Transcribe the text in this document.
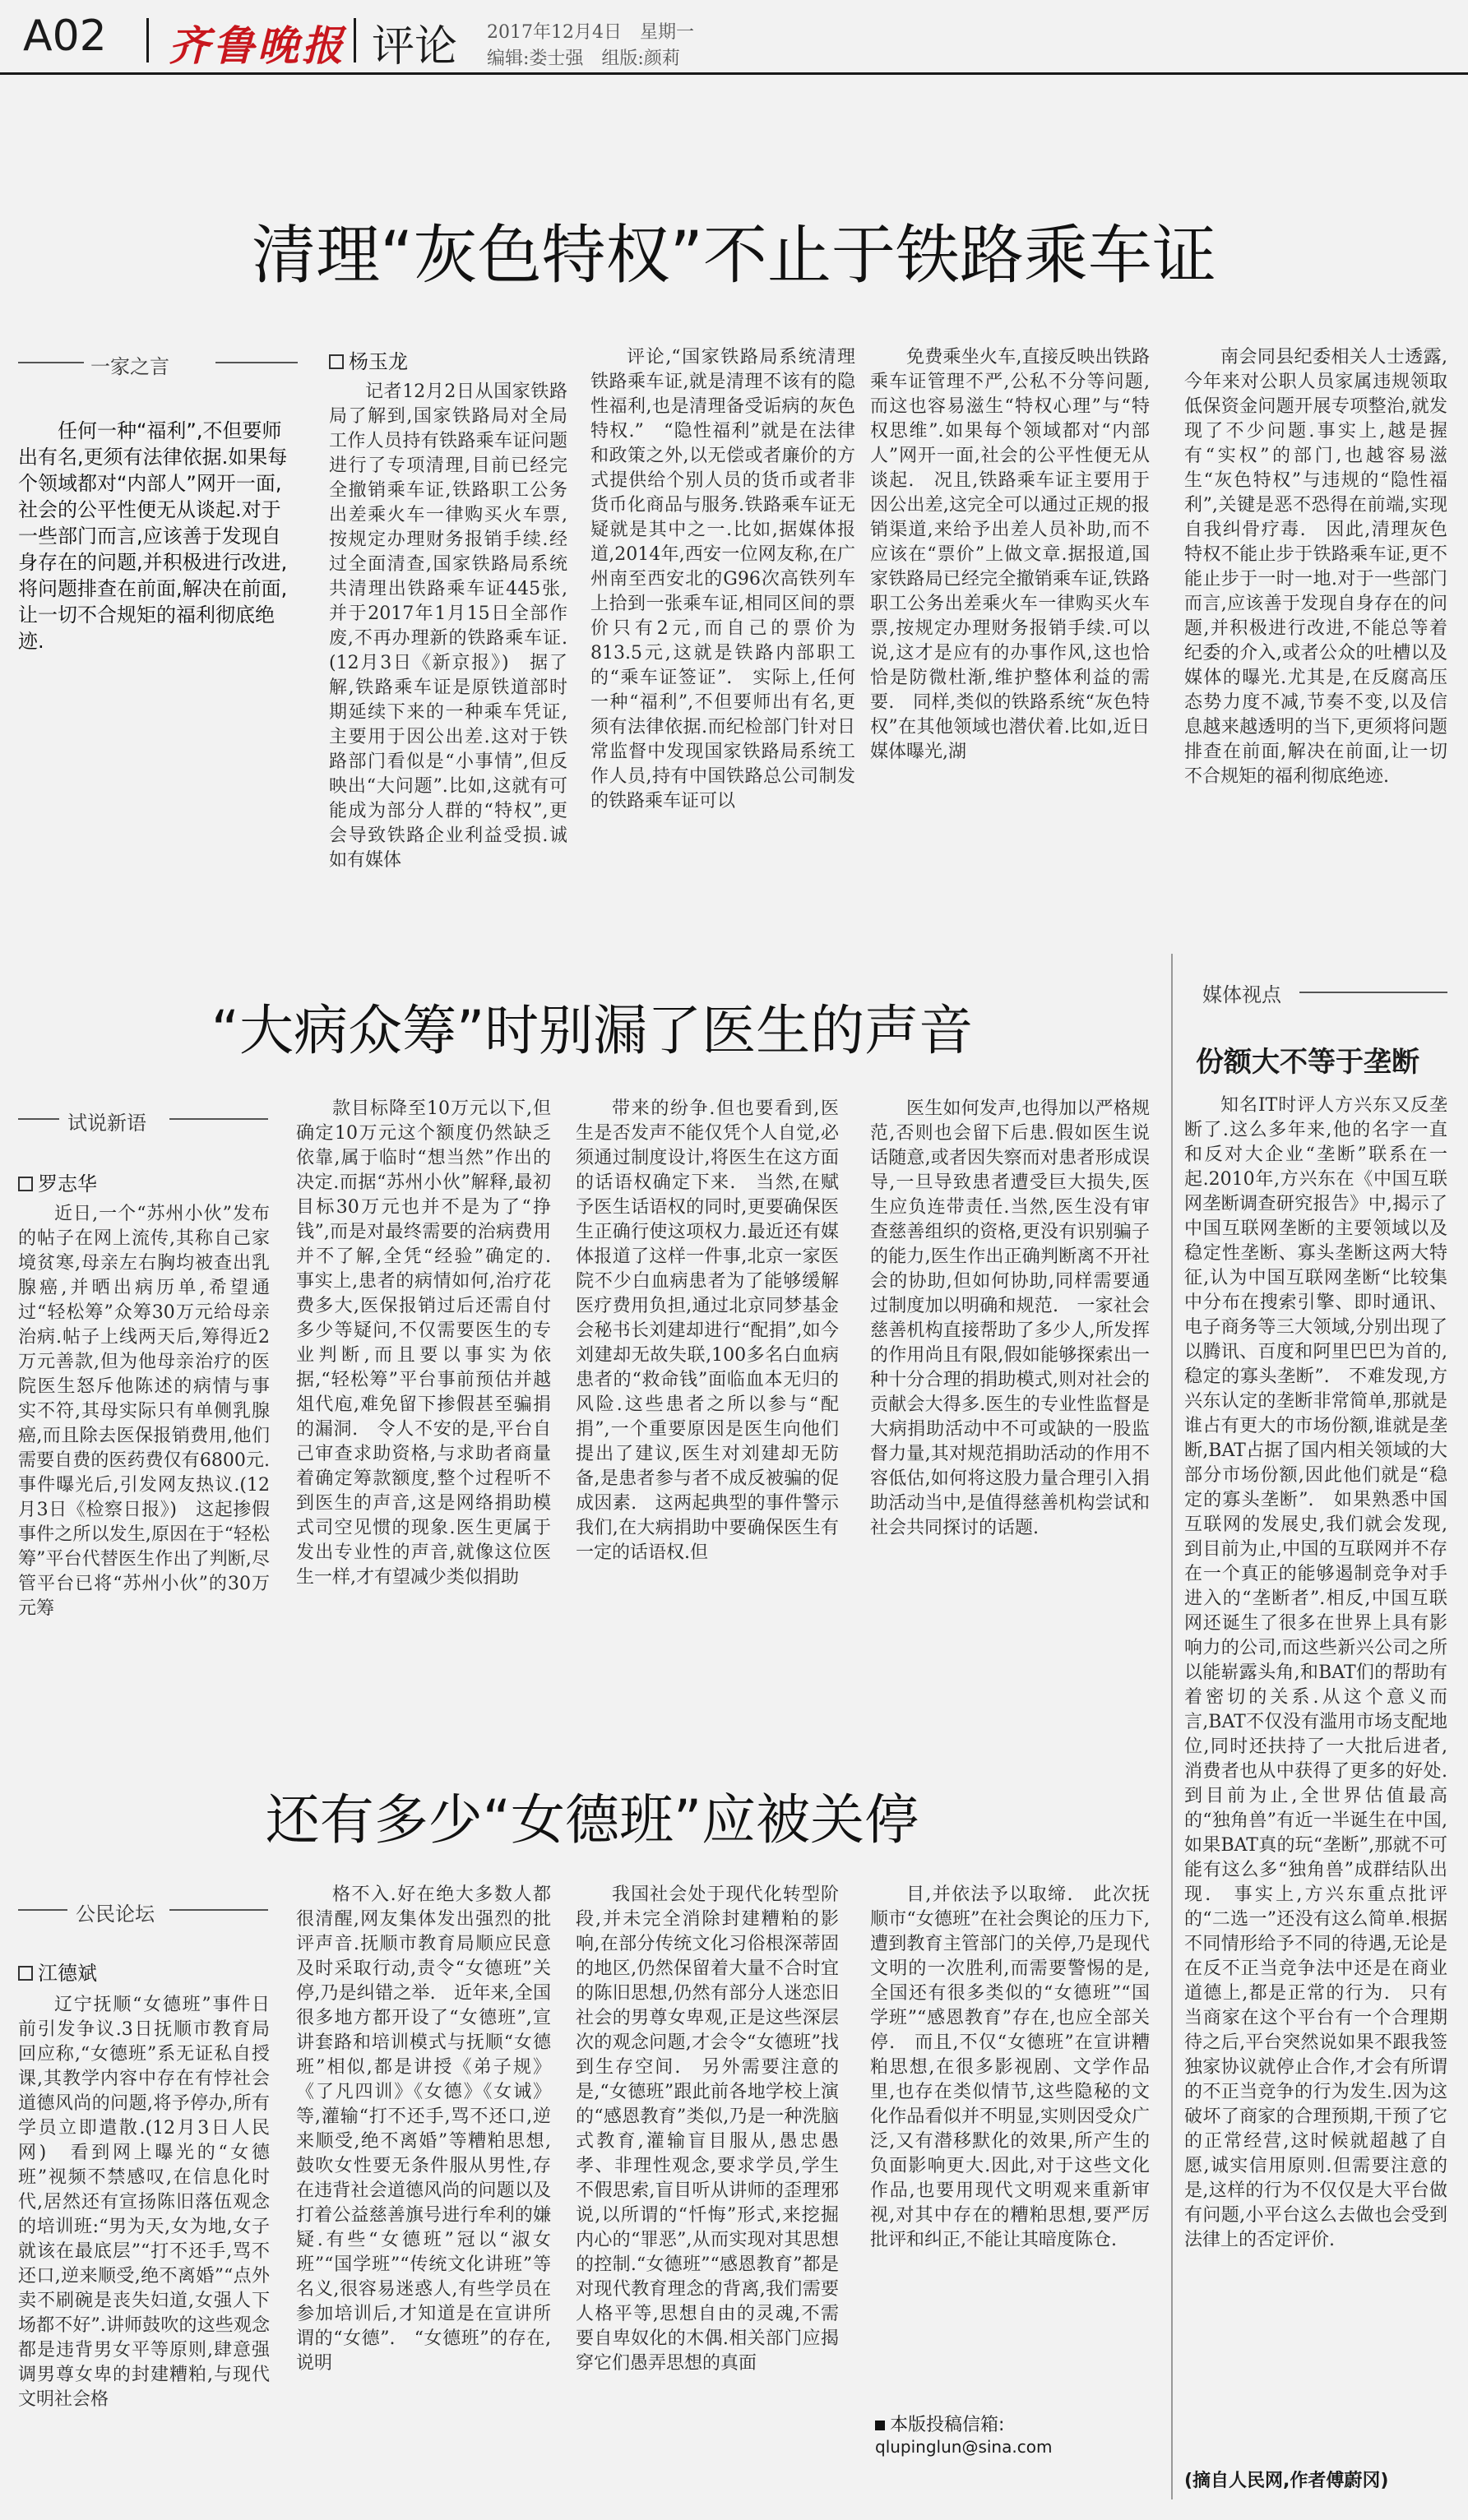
A02 齐鲁晚报 评论 2017年12月4日　星期一
编辑:娄士强　组版:颜莉
清理“灰色特权”不止于铁路乘车证
一家之言
任何一种“福利”,不但要师出有名,更须有法律依据.如果每个领域都对“内部人”网开一面,社会的公平性便无从谈起.对于一些部门而言,应该善于发现自身存在的问题,并积极进行改进,将问题排查在前面,解决在前面,让一切不合规矩的福利彻底绝迹.
杨玉龙
记者12月2日从国家铁路局了解到,国家铁路局对全局工作人员持有铁路乘车证问题进行了专项清理,目前已经完全撤销乘车证,铁路职工公务出差乘火车一律购买火车票,按规定办理财务报销手续.经过全面清查,国家铁路局系统共清理出铁路乘车证445张,并于2017年1月15日全部作废,不再办理新的铁路乘车证.(12月3日《新京报》)　据了解,铁路乘车证是原铁道部时期延续下来的一种乘车凭证,主要用于因公出差.这对于铁路部门看似是“小事情”,但反映出“大问题”.比如,这就有可能成为部分人群的“特权”,更会导致铁路企业利益受损.诚如有媒体
评论,“国家铁路局系统清理铁路乘车证,就是清理不该有的隐性福利,也是清理备受诟病的灰色特权.”　“隐性福利”就是在法律和政策之外,以无偿或者廉价的方式提供给个别人员的货币或者非货币化商品与服务.铁路乘车证无疑就是其中之一.比如,据媒体报道,2014年,西安一位网友称,在广州南至西安北的G96次高铁列车上拾到一张乘车证,相同区间的票价只有2元,而自己的票价为813.5元,这就是铁路内部职工的“乘车证签证”.　实际上,任何一种“福利”,不但要师出有名,更须有法律依据.而纪检部门针对日常监督中发现国家铁路局系统工作人员,持有中国铁路总公司制发的铁路乘车证可以
免费乘坐火车,直接反映出铁路乘车证管理不严,公私不分等问题,而这也容易滋生“特权心理”与“特权思维”.如果每个领域都对“内部人”网开一面,社会的公平性便无从谈起.　况且,铁路乘车证主要用于因公出差,这完全可以通过正规的报销渠道,来给予出差人员补助,而不应该在“票价”上做文章.据报道,国家铁路局已经完全撤销乘车证,铁路职工公务出差乘火车一律购买火车票,按规定办理财务报销手续.可以说,这才是应有的办事作风,这也恰恰是防微杜渐,维护整体利益的需要.　同样,类似的铁路系统“灰色特权”在其他领域也潜伏着.比如,近日媒体曝光,湖
南会同县纪委相关人士透露,今年来对公职人员家属违规领取低保资金问题开展专项整治,就发现了不少问题.事实上,越是握有“实权”的部门,也越容易滋生“灰色特权”与违规的“隐性福利”,关键是恶不恐得在前端,实现自我纠骨疗毒.　因此,清理灰色特权不能止步于铁路乘车证,更不能止步于一时一地.对于一些部门而言,应该善于发现自身存在的问题,并积极进行改进,不能总等着纪委的介入,或者公众的吐槽以及媒体的曝光.尤其是,在反腐高压态势力度不减,节奏不变,以及信息越来越透明的当下,更须将问题排查在前面,解决在前面,让一切不合规矩的福利彻底绝迹.
“大病众筹”时别漏了医生的声音
试说新语
罗志华
近日,一个“苏州小伙”发布的帖子在网上流传,其称自己家境贫寒,母亲左右胸均被查出乳腺癌,并晒出病历单,希望通过“轻松筹”众筹30万元给母亲治病.帖子上线两天后,筹得近2万元善款,但为他母亲治疗的医院医生怒斥他陈述的病情与事实不符,其母实际只有单侧乳腺癌,而且除去医保报销费用,他们需要自费的医药费仅有6800元.事件曝光后,引发网友热议.(12月3日《检察日报》)　这起掺假事件之所以发生,原因在于“轻松筹”平台代替医生作出了判断,尽管平台已将“苏州小伙”的30万元筹
款目标降至10万元以下,但确定10万元这个额度仍然缺乏依靠,属于临时“想当然”作出的决定.而据“苏州小伙”解释,最初目标30万元也并不是为了“挣钱”,而是对最终需要的治病费用并不了解,全凭“经验”确定的.　事实上,患者的病情如何,治疗花费多大,医保报销过后还需自付多少等疑问,不仅需要医生的专业判断,而且要以事实为依据,“轻松筹”平台事前预估并越俎代庖,难免留下掺假甚至骗捐的漏洞.　令人不安的是,平台自己审查求助资格,与求助者商量着确定筹款额度,整个过程听不到医生的声音,这是网络捐助模式司空见惯的现象.医生更属于发出专业性的声音,就像这位医生一样,才有望减少类似捐助
带来的纷争.但也要看到,医生是否发声不能仅凭个人自觉,必须通过制度设计,将医生在这方面的话语权确定下来.　当然,在赋予医生话语权的同时,更要确保医生正确行使这项权力.最近还有媒体报道了这样一件事,北京一家医院不少白血病患者为了能够缓解医疗费用负担,通过北京同梦基金会秘书长刘建却进行“配捐”,如今刘建却无故失联,100多名白血病患者的“救命钱”面临血本无归的风险.这些患者之所以参与“配捐”,一个重要原因是医生向他们提出了建议,医生对刘建却无防备,是患者参与者不成反被骗的促成因素.　这两起典型的事件警示我们,在大病捐助中要确保医生有一定的话语权.但
医生如何发声,也得加以严格规范,否则也会留下后患.假如医生说话随意,或者因失察而对患者形成误导,一旦导致患者遭受巨大损失,医生应负连带责任.当然,医生没有审查慈善组织的资格,更没有识别骗子的能力,医生作出正确判断离不开社会的协助,但如何协助,同样需要通过制度加以明确和规范.　一家社会慈善机构直接帮助了多少人,所发挥的作用尚且有限,假如能够探索出一种十分合理的捐助模式,则对社会的贡献会大得多.医生的专业性监督是大病捐助活动中不可或缺的一股监督力量,其对规范捐助活动的作用不容低估,如何将这股力量合理引入捐助活动当中,是值得慈善机构尝试和社会共同探讨的话题.
媒体视点
份额大不等于垄断
知名IT时评人方兴东又反垄断了.这么多年来,他的名字一直和反对大企业“垄断”联系在一起.2010年,方兴东在《中国互联网垄断调查研究报告》中,揭示了中国互联网垄断的主要领域以及稳定性垄断、寡头垄断这两大特征,认为中国互联网垄断“比较集中分布在搜索引擎、即时通讯、电子商务等三大领域,分别出现了以腾讯、百度和阿里巴巴为首的,稳定的寡头垄断”.　不难发现,方兴东认定的垄断非常简单,那就是谁占有更大的市场份额,谁就是垄断,BAT占据了国内相关领域的大部分市场份额,因此他们就是“稳定的寡头垄断”.　如果熟悉中国互联网的发展史,我们就会发现,到目前为止,中国的互联网并不存在一个真正的能够遏制竞争对手进入的“垄断者”.相反,中国互联网还诞生了很多在世界上具有影响力的公司,而这些新兴公司之所以能崭露头角,和BAT们的帮助有着密切的关系.从这个意义而言,BAT不仅没有滥用市场支配地位,同时还扶持了一大批后进者,消费者也从中获得了更多的好处.到目前为止,全世界估值最高的“独角兽”有近一半诞生在中国,如果BAT真的玩“垄断”,那就不可能有这么多“独角兽”成群结队出现.　事实上,方兴东重点批评的“二选一”还没有这么简单.根据不同情形给予不同的待遇,无论是在反不正当竞争法中还是在商业道德上,都是正常的行为.　只有当商家在这个平台有一个合理期待之后,平台突然说如果不跟我签独家协议就停止合作,才会有所谓的不正当竞争的行为发生.因为这破坏了商家的合理预期,干预了它的正常经营,这时候就超越了自愿,诚实信用原则.但需要注意的是,这样的行为不仅仅是大平台做有问题,小平台这么去做也会受到法律上的否定评价.
(摘自人民网,作者傅蔚冈)
还有多少“女德班”应被关停
公民论坛
江德斌
辽宁抚顺“女德班”事件日前引发争议.3日抚顺市教育局回应称,“女德班”系无证私自授课,其教学内容中存在有悖社会道德风尚的问题,将予停办,所有学员立即遣散.(12月3日人民网)　看到网上曝光的“女德班”视频不禁感叹,在信息化时代,居然还有宣扬陈旧落伍观念的培训班:“男为天,女为地,女子就该在最底层”“打不还手,骂不还口,逆来顺受,绝不离婚”“点外卖不刷碗是丧失妇道,女强人下场都不好”.讲师鼓吹的这些观念都是违背男女平等原则,肆意强调男尊女卑的封建糟粕,与现代文明社会格
格不入.好在绝大多数人都很清醒,网友集体发出强烈的批评声音.抚顺市教育局顺应民意及时采取行动,责令“女德班”关停,乃是纠错之举.　近年来,全国很多地方都开设了“女德班”,宣讲套路和培训模式与抚顺“女德班”相似,都是讲授《弟子规》《了凡四训》《女德》《女诫》等,灌输“打不还手,骂不还口,逆来顺受,绝不离婚”等糟粕思想,鼓吹女性要无条件服从男性,存在违背社会道德风尚的问题以及打着公益慈善旗号进行牟利的嫌疑.有些“女德班”冠以“淑女班”“国学班”“传统文化讲班”等名义,很容易迷惑人,有些学员在参加培训后,才知道是在宣讲所谓的“女德”.　“女德班”的存在,说明
我国社会处于现代化转型阶段,并未完全消除封建糟粕的影响,在部分传统文化习俗根深蒂固的地区,仍然保留着大量不合时宜的陈旧思想,仍然有部分人迷恋旧社会的男尊女卑观,正是这些深层次的观念问题,才会令“女德班”找到生存空间.　另外需要注意的是,“女德班”跟此前各地学校上演的“感恩教育”类似,乃是一种洗脑式教育,灌输盲目服从,愚忠愚孝、非理性观念,要求学员,学生不假思索,盲目听从讲师的歪理邪说,以所谓的“忏悔”形式,来挖掘内心的“罪恶”,从而实现对其思想的控制.“女德班”“感恩教育”都是对现代教育理念的背离,我们需要人格平等,思想自由的灵魂,不需要自卑奴化的木偶.相关部门应揭穿它们愚弄思想的真面
目,并依法予以取缔.　此次抚顺市“女德班”在社会舆论的压力下,遭到教育主管部门的关停,乃是现代文明的一次胜利,而需要警惕的是,全国还有很多类似的“女德班”“国学班”“感恩教育”存在,也应全部关停.　而且,不仅“女德班”在宣讲糟粕思想,在很多影视剧、文学作品里,也存在类似情节,这些隐秘的文化作品看似并不明显,实则因受众广泛,又有潜移默化的效果,所产生的负面影响更大.因此,对于这些文化作品,也要用现代文明观来重新审视,对其中存在的糟粕思想,要严厉批评和纠正,不能让其暗度陈仓.
本版投稿信箱:
qlupinglun@sina.com
